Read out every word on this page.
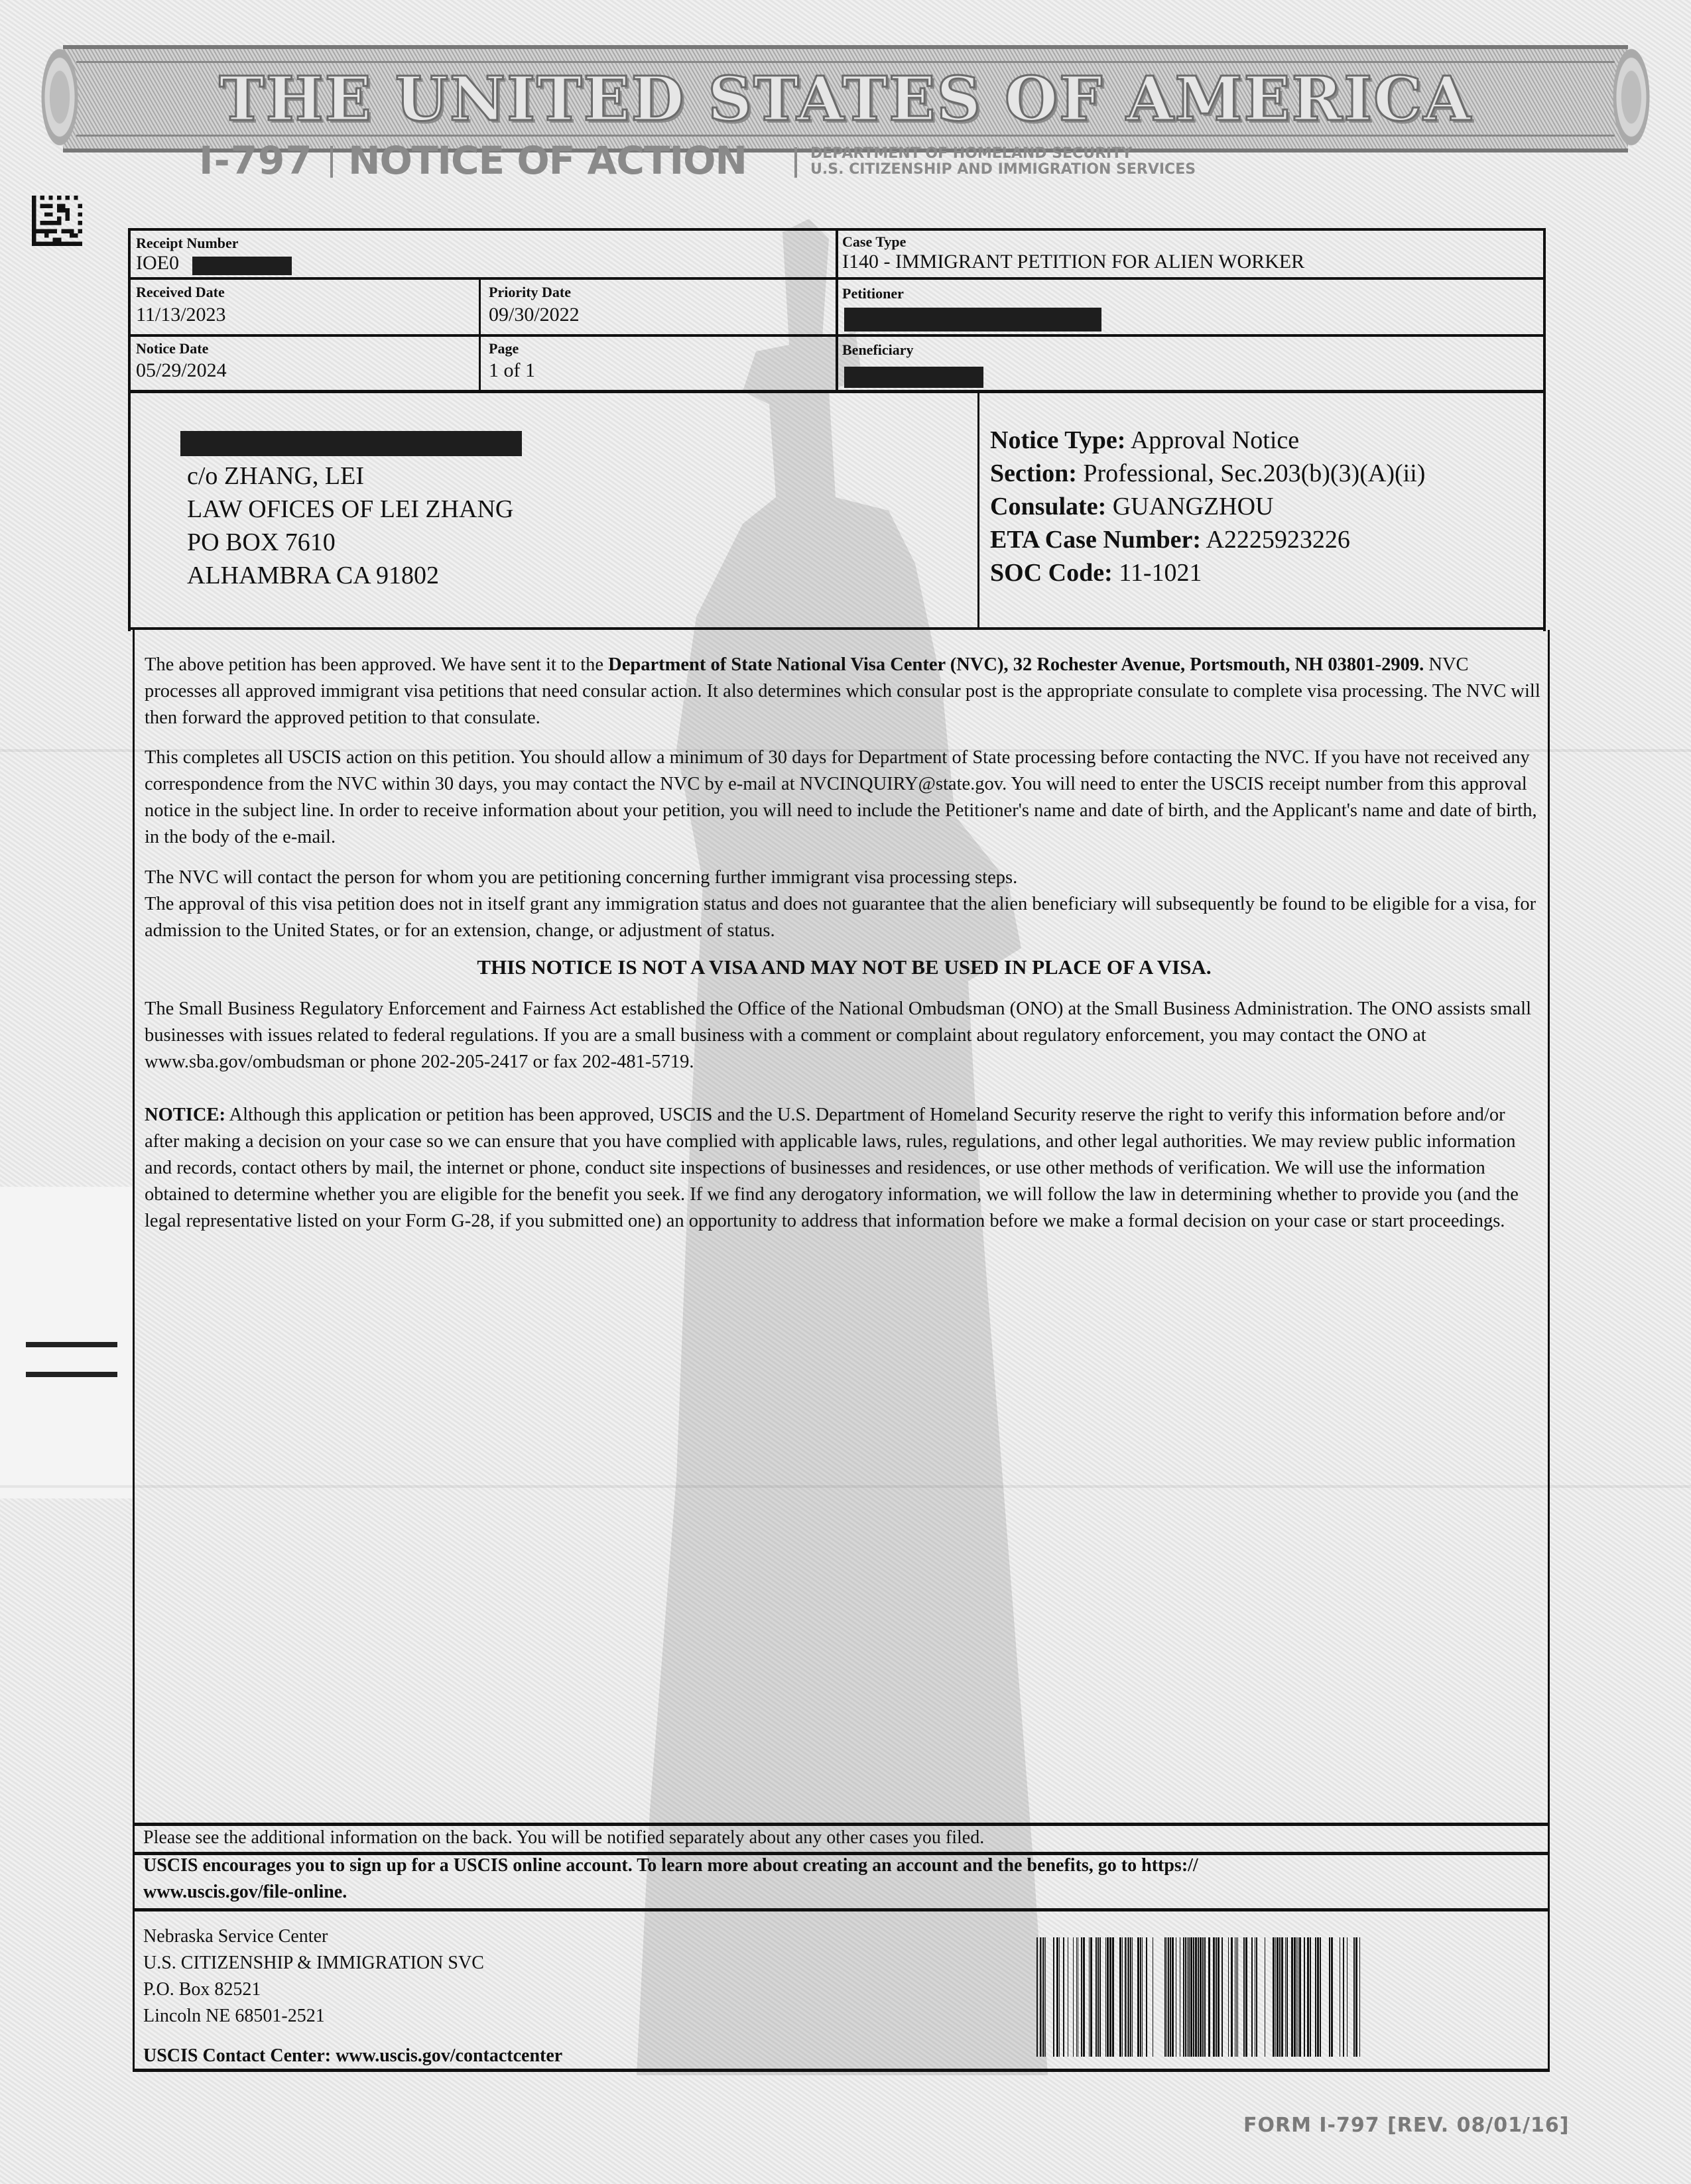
THE UNITED STATES OF AMERICA
I-797 NOTICE OF ACTION	DEPARTMENT OF HOMELAND SECURITY
U.S. CITIZENSHIP AND IMMIGRATION SERVICES
Receipt Number
IOE0
Case Type
I140 - IMMIGRANT PETITION FOR ALIEN WORKER
Received Date
11/13/2023
Priority Date
09/30/2022
Petitioner
Notice Date
05/29/2024
Page
1 of 1
Beneficiary
c/o ZHANG, LEI
LAW OFICES OF LEI ZHANG
PO BOX 7610
ALHAMBRA CA 91802
Notice Type: Approval Notice
Section: Professional, Sec.203(b)(3)(A)(ii)
Consulate: GUANGZHOU
ETA Case Number: A2225923226
SOC Code: 11-1021

The above petition has been approved. We have sent it to the Department of State National Visa Center (NVC), 32 Rochester Avenue, Portsmouth, NH 03801-2909. NVC processes all approved immigrant visa petitions that need consular action. It also determines which consular post is the appropriate consulate to complete visa processing. The NVC will then forward the approved petition to that consulate.

This completes all USCIS action on this petition. You should allow a minimum of 30 days for Department of State processing before contacting the NVC. If you have not received any correspondence from the NVC within 30 days, you may contact the NVC by e-mail at NVCINQUIRY@state.gov. You will need to enter the USCIS receipt number from this approval notice in the subject line. In order to receive information about your petition, you will need to include the Petitioner's name and date of birth, and the Applicant's name and date of birth, in the body of the e-mail.

The NVC will contact the person for whom you are petitioning concerning further immigrant visa processing steps.

The approval of this visa petition does not in itself grant any immigration status and does not guarantee that the alien beneficiary will subsequently be found to be eligible for a visa, for admission to the United States, or for an extension, change, or adjustment of status.

THIS NOTICE IS NOT A VISA AND MAY NOT BE USED IN PLACE OF A VISA.

The Small Business Regulatory Enforcement and Fairness Act established the Office of the National Ombudsman (ONO) at the Small Business Administration. The ONO assists small businesses with issues related to federal regulations. If you are a small business with a comment or complaint about regulatory enforcement, you may contact the ONO at www.sba.gov/ombudsman or phone 202-205-2417 or fax 202-481-5719.

NOTICE: Although this application or petition has been approved, USCIS and the U.S. Department of Homeland Security reserve the right to verify this information before and/or after making a decision on your case so we can ensure that you have complied with applicable laws, rules, regulations, and other legal authorities. We may review public information and records, contact others by mail, the internet or phone, conduct site inspections of businesses and residences, or use other methods of verification. We will use the information obtained to determine whether you are eligible for the benefit you seek. If we find any derogatory information, we will follow the law in determining whether to provide you (and the legal representative listed on your Form G-28, if you submitted one) an opportunity to address that information before we make a formal decision on your case or start proceedings.

Please see the additional information on the back. You will be notified separately about any other cases you filed.
USCIS encourages you to sign up for a USCIS online account. To learn more about creating an account and the benefits, go to https://
www.uscis.gov/file-online.
Nebraska Service Center
U.S. CITIZENSHIP & IMMIGRATION SVC
P.O. Box 82521
Lincoln NE 68501-2521
USCIS Contact Center: www.uscis.gov/contactcenter
FORM I-797 [REV. 08/01/16]
